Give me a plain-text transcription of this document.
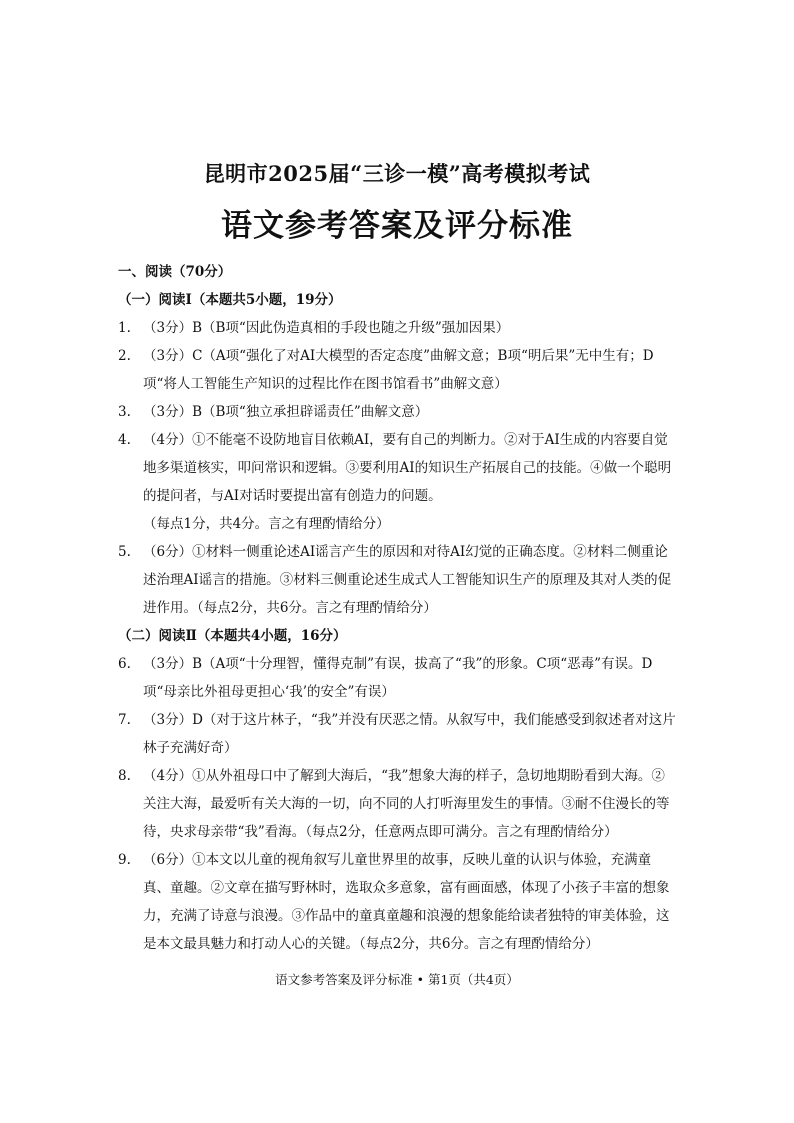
昆明市2025届“三诊一模”高考模拟考试
语文参考答案及评分标准
一、阅读（70分）
（一）阅读Ⅰ（本题共5小题，19分）
1. （3分）B（B项“因此伪造真相的手段也随之升级”强加因果）
2. （3分）C（A项“强化了对AI大模型的否定态度”曲解文意；B项“明后果”无中生有；D项“将人工智能生产知识的过程比作在图书馆看书”曲解文意）
3. （3分）B（B项“独立承担辟谣责任”曲解文意）
4. （4分）①不能毫不设防地盲目依赖AI，要有自己的判断力。②对于AI生成的内容要自觉地多渠道核实，叩问常识和逻辑。③要利用AI的知识生产拓展自己的技能。④做一个聪明的提问者，与AI对话时要提出富有创造力的问题。（每点1分，共4分。言之有理酌情给分）
5. （6分）①材料一侧重论述AI谣言产生的原因和对待AI幻觉的正确态度。②材料二侧重论述治理AI谣言的措施。③材料三侧重论述生成式人工智能知识生产的原理及其对人类的促进作用。（每点2分，共6分。言之有理酌情给分）
（二）阅读Ⅱ（本题共4小题，16分）
6. （3分）B（A项“十分理智，懂得克制”有误，拔高了“我”的形象。C项“恶毒”有误。D项“母亲比外祖母更担心‘我’的安全”有误）
7. （3分）D（对于这片林子，“我”并没有厌恶之情。从叙写中，我们能感受到叙述者对这片林子充满好奇）
8. （4分）①从外祖母口中了解到大海后，“我”想象大海的样子，急切地期盼看到大海。②关注大海，最爱听有关大海的一切，向不同的人打听海里发生的事情。③耐不住漫长的等待，央求母亲带“我”看海。（每点2分，任意两点即可满分。言之有理酌情给分）
9. （6分）①本文以儿童的视角叙写儿童世界里的故事，反映儿童的认识与体验，充满童真、童趣。②文章在描写野林时，选取众多意象，富有画面感，体现了小孩子丰富的想象力，充满了诗意与浪漫。③作品中的童真童趣和浪漫的想象能给读者独特的审美体验，这是本文最具魅力和打动人心的关键。（每点2分，共6分。言之有理酌情给分）
语文参考答案及评分标准 • 第1页（共4页）
